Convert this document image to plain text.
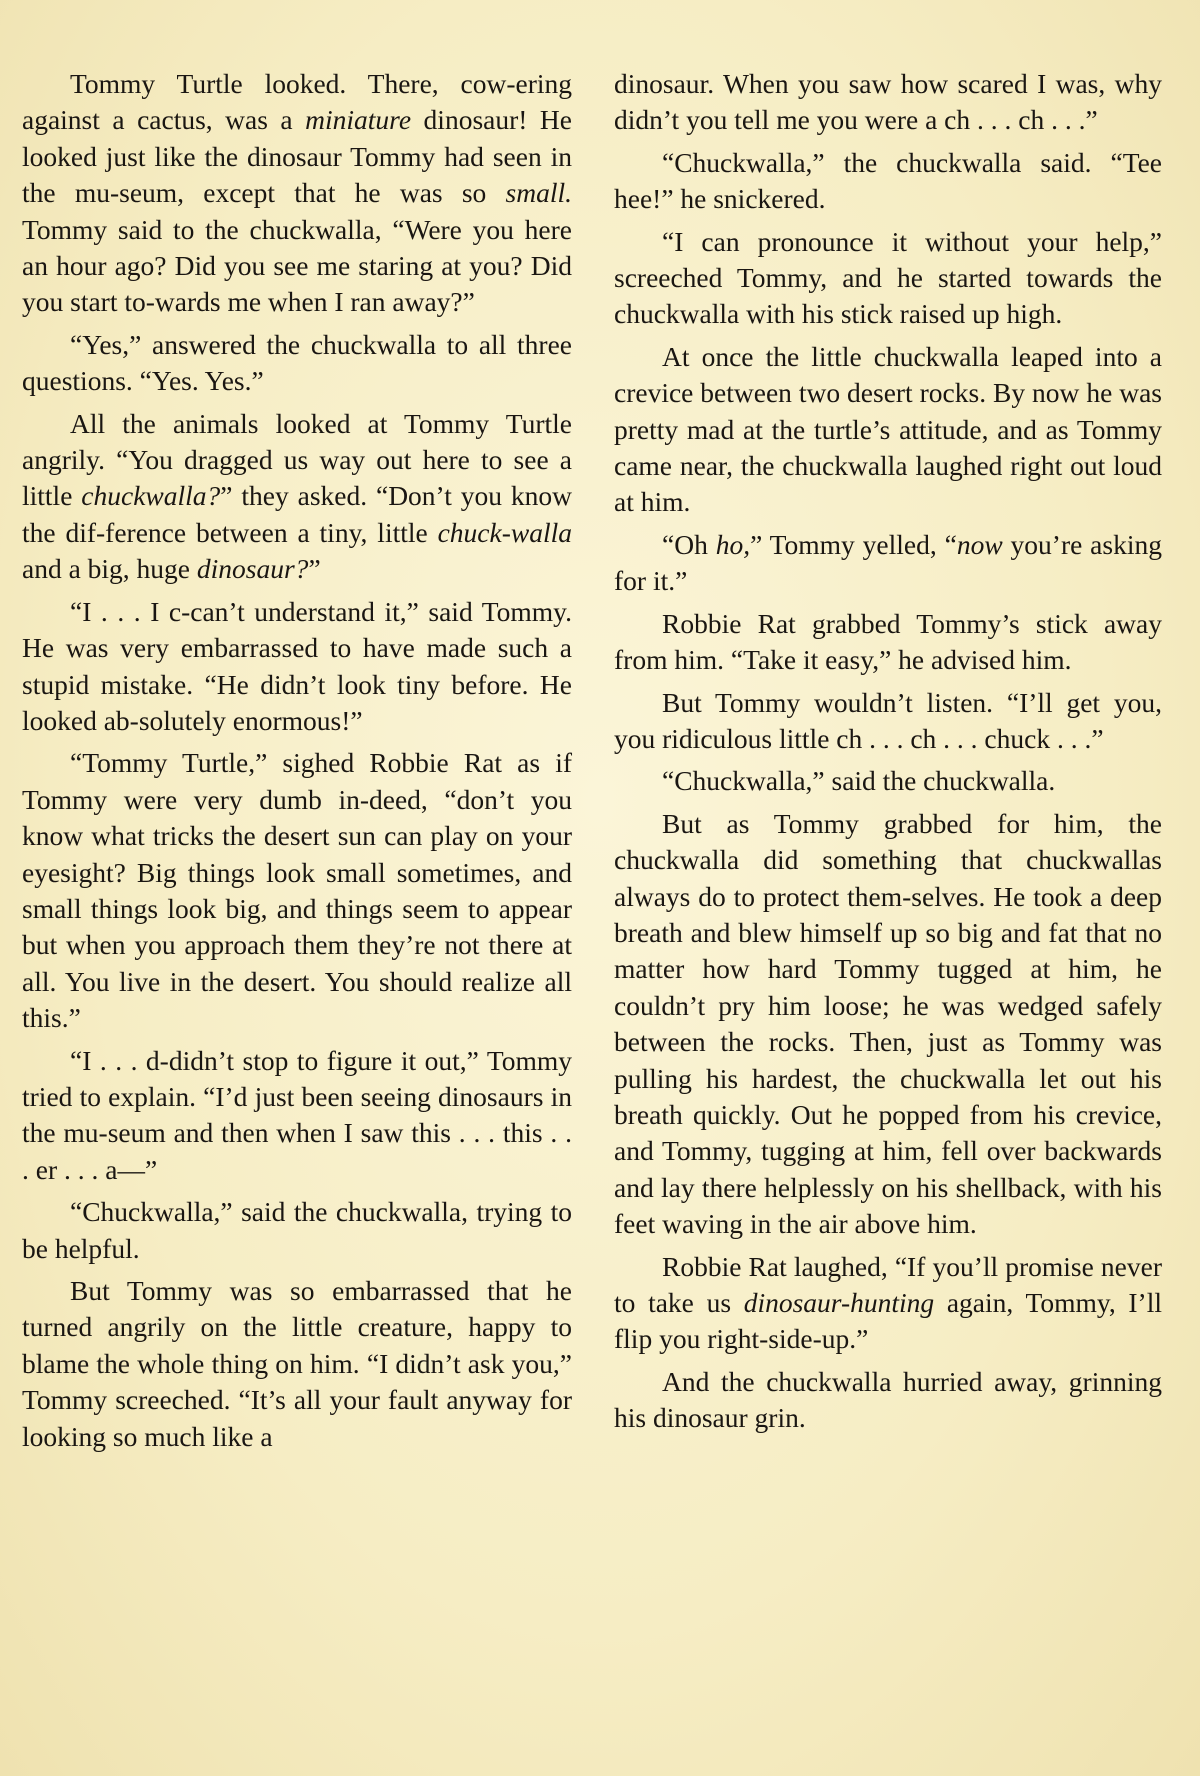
Tommy Turtle looked. There, cow-ering against a cactus, was a miniature dinosaur! He looked just like the dinosaur Tommy had seen in the mu-seum, except that he was so small. Tommy said to the chuckwalla, “Were you here an hour ago? Did you see me staring at you? Did you start to-wards me when I ran away?”

“Yes,” answered the chuckwalla to all three questions. “Yes. Yes.”

All the animals looked at Tommy Turtle angrily. “You dragged us way out here to see a little chuckwalla?” they asked. “Don’t you know the dif-ference between a tiny, little chuck-walla and a big, huge dinosaur?”

“I . . . I c-can’t understand it,” said Tommy. He was very embarrassed to have made such a stupid mistake. “He didn’t look tiny before. He looked ab-solutely enormous!”

“Tommy Turtle,” sighed Robbie Rat as if Tommy were very dumb in-deed, “don’t you know what tricks the desert sun can play on your eyesight? Big things look small sometimes, and small things look big, and things seem to appear but when you approach them they’re not there at all. You live in the desert. You should realize all this.”

“I . . . d-didn’t stop to figure it out,” Tommy tried to explain. “I’d just been seeing dinosaurs in the mu-seum and then when I saw this . . . this . . . er . . . a—”

“Chuckwalla,” said the chuckwalla, trying to be helpful.

But Tommy was so embarrassed that he turned angrily on the little creature, happy to blame the whole thing on him. “I didn’t ask you,” Tommy screeched. “It’s all your fault anyway for looking so much like a

dinosaur. When you saw how scared I was, why didn’t you tell me you were a ch . . . ch . . .”

“Chuckwalla,” the chuckwalla said. “Tee hee!” he snickered.

“I can pronounce it without your help,” screeched Tommy, and he started towards the chuckwalla with his stick raised up high.

At once the little chuckwalla leaped into a crevice between two desert rocks. By now he was pretty mad at the turtle’s attitude, and as Tommy came near, the chuckwalla laughed right out loud at him.

“Oh ho,” Tommy yelled, “now you’re asking for it.”

Robbie Rat grabbed Tommy’s stick away from him. “Take it easy,” he advised him.

But Tommy wouldn’t listen. “I’ll get you, you ridiculous little ch . . . ch . . . chuck . . .”

“Chuckwalla,” said the chuckwalla.

But as Tommy grabbed for him, the chuckwalla did something that chuckwallas always do to protect them-selves. He took a deep breath and blew himself up so big and fat that no matter how hard Tommy tugged at him, he couldn’t pry him loose; he was wedged safely between the rocks. Then, just as Tommy was pulling his hardest, the chuckwalla let out his breath quickly. Out he popped from his crevice, and Tommy, tugging at him, fell over backwards and lay there helplessly on his shellback, with his feet waving in the air above him.

Robbie Rat laughed, “If you’ll promise never to take us dinosaur-hunting again, Tommy, I’ll flip you right-side-up.”

And the chuckwalla hurried away, grinning his dinosaur grin.
